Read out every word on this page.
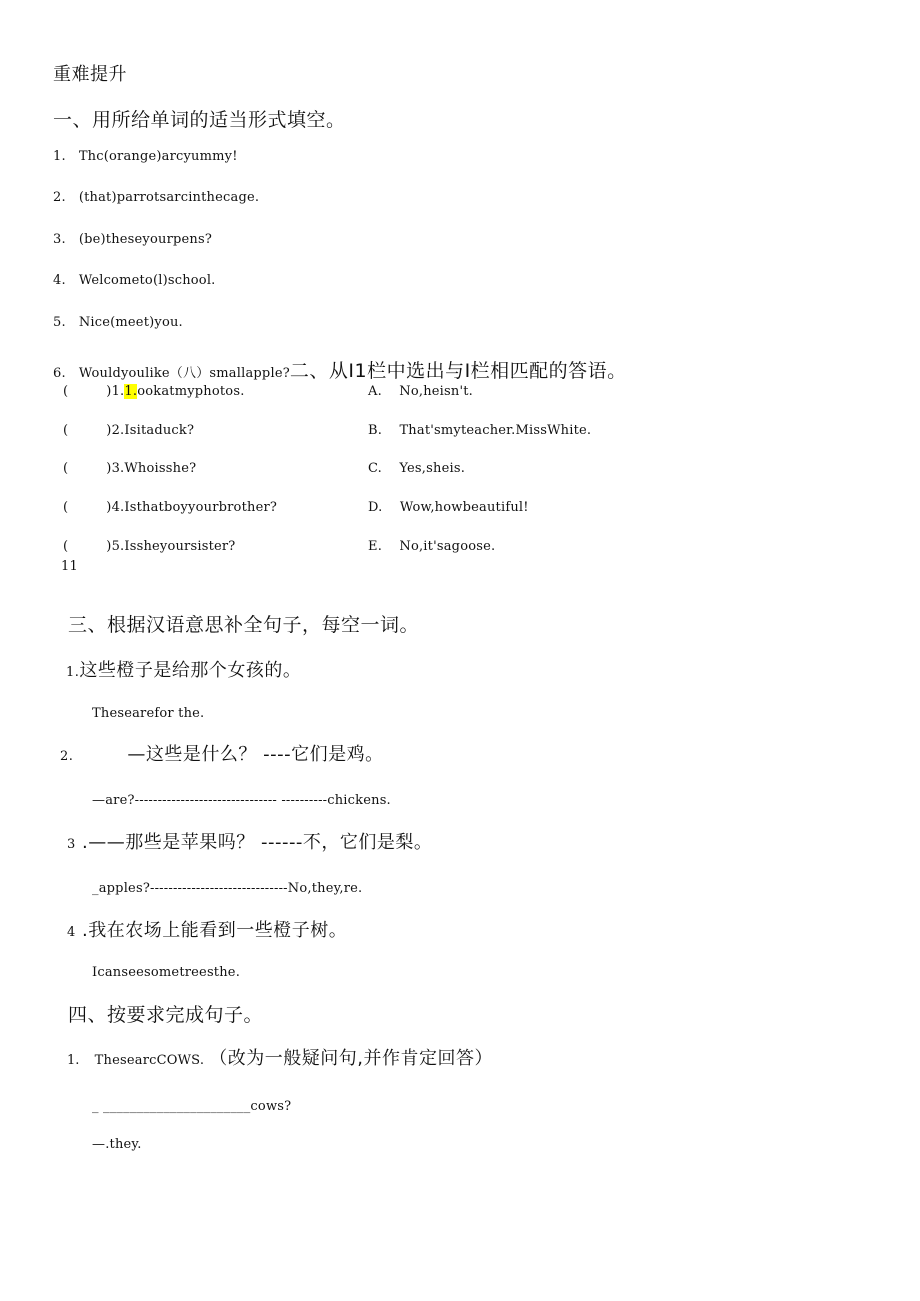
重难提升
一、用所给单词的适当形式填空。
1. Thc(orange)arcyummy!
2.   (that)parrotsarcinthecage.
3.   (be)theseyourpens?
4. Welcometo(l)school.
5. Nice(meet)you.
6. Wouldyoulike（八）smallapple?二、从I1栏中选出与I栏相匹配的答语。
(	)1.1.ookatmyphotos.	A. No,heisn't.
(	)2.Isitaduck?	B. That'smyteacher.MissWhite.
(	)3.Whoisshe?	C. Yes,sheis.
(	)4.Isthatboyyourbrother?	D. Wow,howbeautiful!
(	)5.Issheyoursister?	E. No,it'sagoose.
11
三、根据汉语意思补全句子，每空一词。
1.这些橙子是给那个女孩的。
Thesearefor the.
2.	—这些是什么？ ----它们是鸡。
—are?------------------------------- ----------chickens.
3 .——那些是苹果吗？ ------不，它们是梨。
_apples?------------------------------No,they,re.
4 .我在农场上能看到一些橙子树。
Icanseesometreesthe.
四、按要求完成句子。
1. ThesearcCOWS. （改为一般疑问句,并作肯定回答）
_ ______________________cows?
—.they.
